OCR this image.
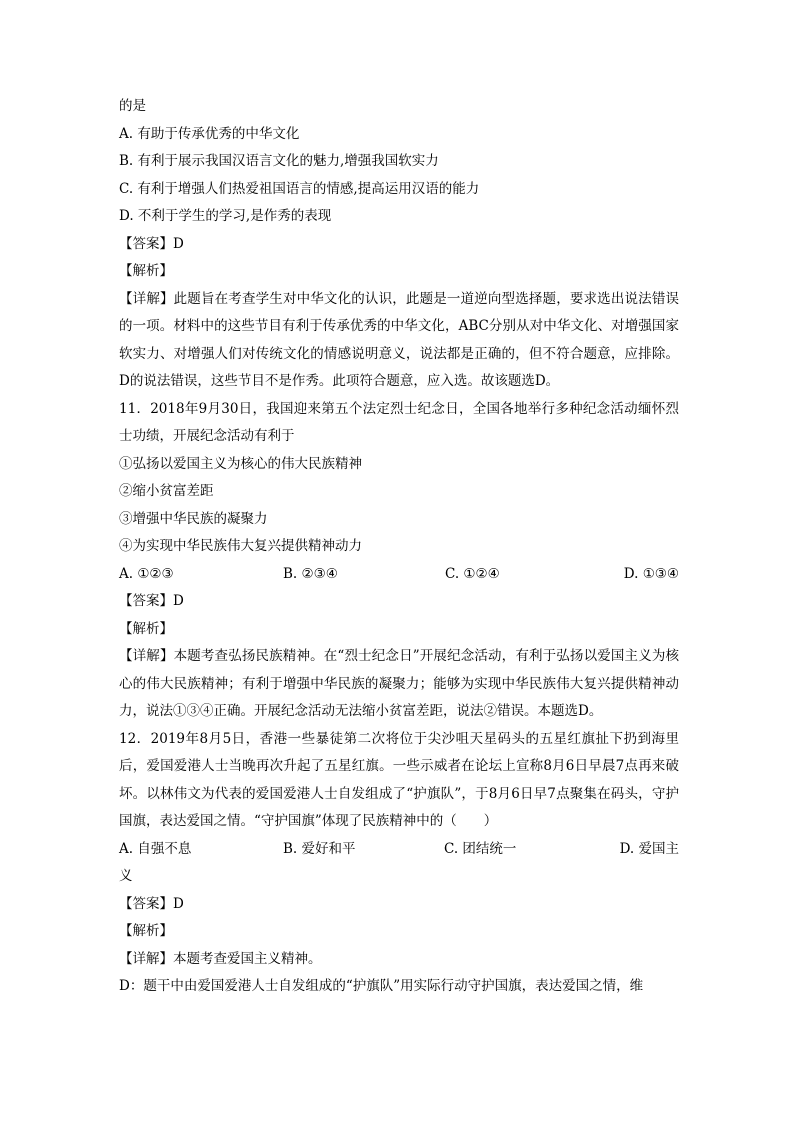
的是
A. 有助于传承优秀的中华文化
B. 有利于展示我国汉语言文化的魅力,增强我国软实力
C. 有利于增强人们热爱祖国语言的情感,提高运用汉语的能力
D. 不利于学生的学习,是作秀的表现
【答案】D
【解析】
【详解】此题旨在考查学生对中华文化的认识，此题是一道逆向型选择题，要求选出说法错误的一项。材料中的这些节目有利于传承优秀的中华文化，ABC分别从对中华文化、对增强国家软实力、对增强人们对传统文化的情感说明意义，说法都是正确的，但不符合题意，应排除。D的说法错误，这些节目不是作秀。此项符合题意，应入选。故该题选D。
11．2018年9月30日，我国迎来第五个法定烈士纪念日，全国各地举行多种纪念活动缅怀烈士功绩，开展纪念活动有利于
①弘扬以爱国主义为核心的伟大民族精神
②缩小贫富差距
③增强中华民族的凝聚力
④为实现中华民族伟大复兴提供精神动力
A. ①②③	B. ②③④	C. ①②④	D. ①③④
【答案】D
【解析】
【详解】本题考查弘扬民族精神。在“烈士纪念日”开展纪念活动，有利于弘扬以爱国主义为核心的伟大民族精神；有利于增强中华民族的凝聚力；能够为实现中华民族伟大复兴提供精神动力，说法①③④正确。开展纪念活动无法缩小贫富差距，说法②错误。本题选D。
12．2019年8月5日，香港一些暴徒第二次将位于尖沙咀天星码头的五星红旗扯下扔到海里后，爱国爱港人士当晚再次升起了五星红旗。一些示威者在论坛上宣称8月6日早晨7点再来破坏。以林伟文为代表的爱国爱港人士自发组成了“护旗队”，于8月6日早7点聚集在码头，守护国旗，表达爱国之情。“守护国旗”体现了民族精神中的（　　）
A. 自强不息	B. 爱好和平	C. 团结统一	D. 爱国主
义
【答案】D
【解析】
【详解】本题考查爱国主义精神。
D：题干中由爱国爱港人士自发组成的“护旗队”用实际行动守护国旗，表达爱国之情，维
